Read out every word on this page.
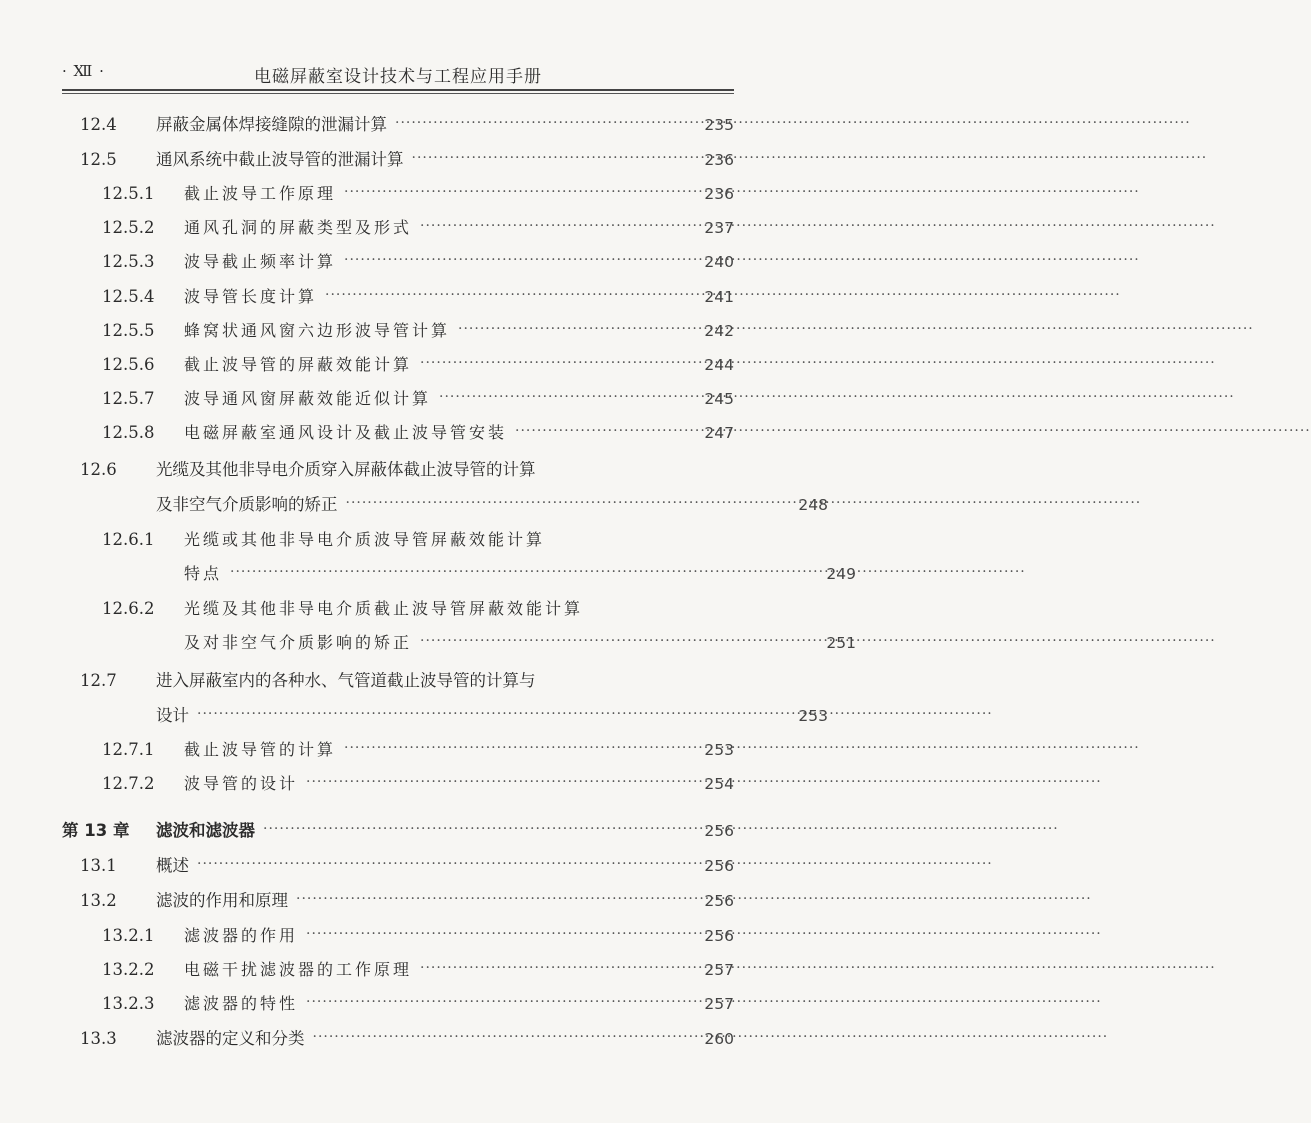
· Ⅻ ·	电磁屏蔽室设计技术与工程应用手册
12.4	屏蔽金属体焊接缝隙的泄漏计算 ·····	235
12.5	通风系统中截止波导管的泄漏计算 ·····	236
12.5.1	截止波导工作原理 ·····	236
12.5.2	通风孔洞的屏蔽类型及形式 ·····	237
12.5.3	波导截止频率计算 ·····	240
12.5.4	波导管长度计算 ·····	241
12.5.5	蜂窝状通风窗六边形波导管计算 ·····	242
12.5.6	截止波导管的屏蔽效能计算 ·····	244
12.5.7	波导通风窗屏蔽效能近似计算 ·····	245
12.5.8	电磁屏蔽室通风设计及截止波导管安装 ·····	247
12.6	光缆及其他非导电介质穿入屏蔽体截止波导管的计算
及非空气介质影响的矫正 ·····	248
12.6.1	光缆或其他非导电介质波导管屏蔽效能计算
特点 ·····	249
12.6.2	光缆及其他非导电介质截止波导管屏蔽效能计算
及对非空气介质影响的矫正 ·····	251
12.7	进入屏蔽室内的各种水、气管道截止波导管的计算与
设计 ·····	253
12.7.1	截止波导管的计算 ·····	253
12.7.2	波导管的设计 ·····	254
第 13 章	滤波和滤波器 ·····	256
13.1	概述 ·····	256
13.2	滤波的作用和原理 ·····	256
13.2.1	滤波器的作用 ·····	256
13.2.2	电磁干扰滤波器的工作原理 ·····	257
13.2.3	滤波器的特性 ·····	257
13.3	滤波器的定义和分类 ·····	260
